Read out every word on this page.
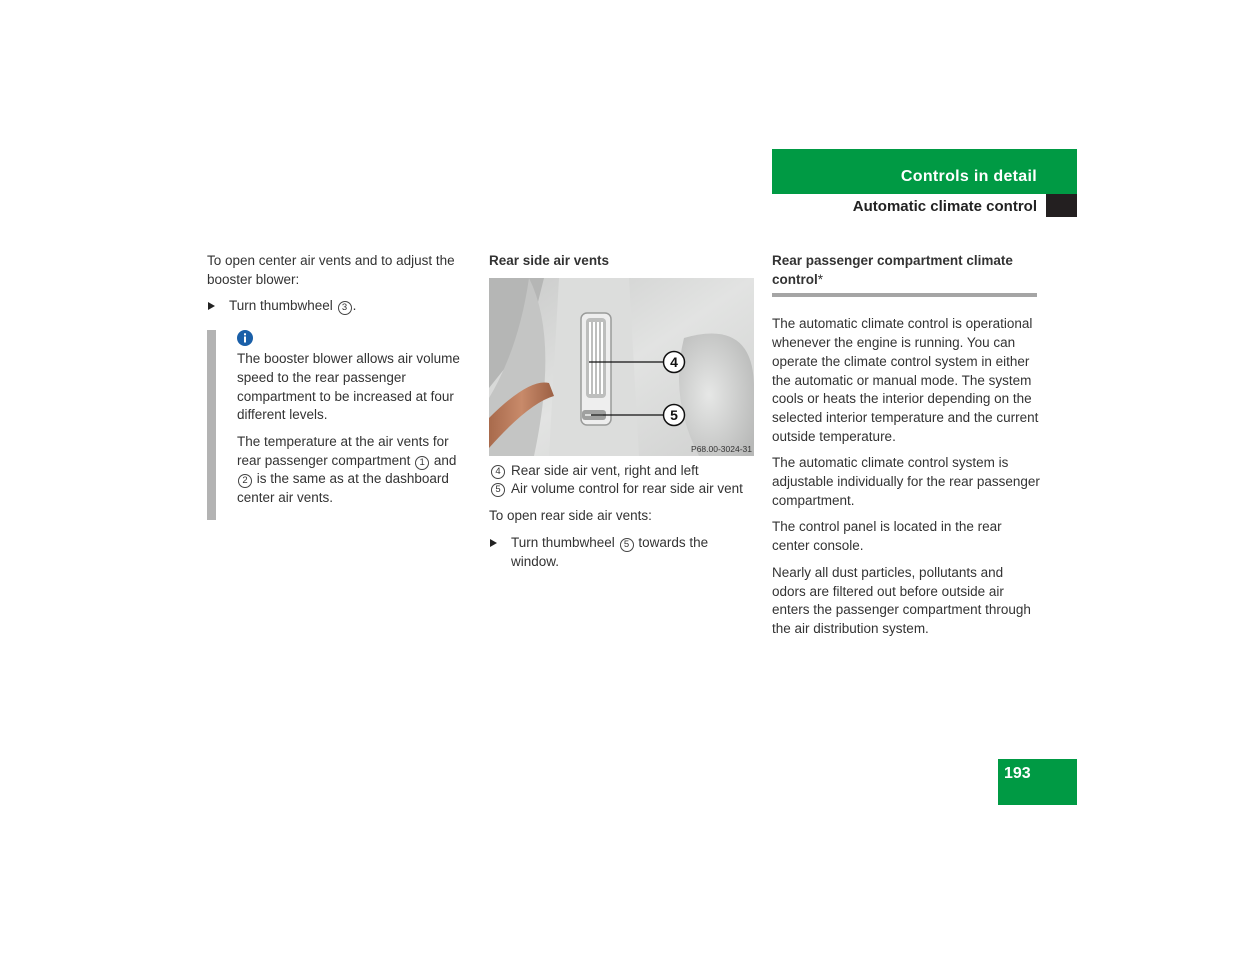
Controls in detail
Automatic climate control

To open center air vents and to adjust the booster blower:

Turn thumbwheel 3 .

The booster blower allows air volume speed to the rear passenger compartment to be increased at four different levels.

The temperature at the air vents for rear passenger compartment 1 and 2 is the same as at the dashboard center air vents.

Rear side air vents
4
5
P68.00-3024-31
4 Rear side air vent, right and left
5 Air volume control for rear side air vent

To open rear side air vents:

Turn thumbwheel 5 towards the window.
Rear passenger compartment climate control*

The automatic climate control is operational whenever the engine is running. You can operate the climate control system in either the automatic or manual mode. The system cools or heats the interior depending on the selected interior temperature and the current outside temperature.

The automatic climate control system is adjustable individually for the rear passenger compartment.

The control panel is located in the rear center console.

Nearly all dust particles, pollutants and odors are filtered out before outside air enters the passenger compartment through the air distribution system.

193
